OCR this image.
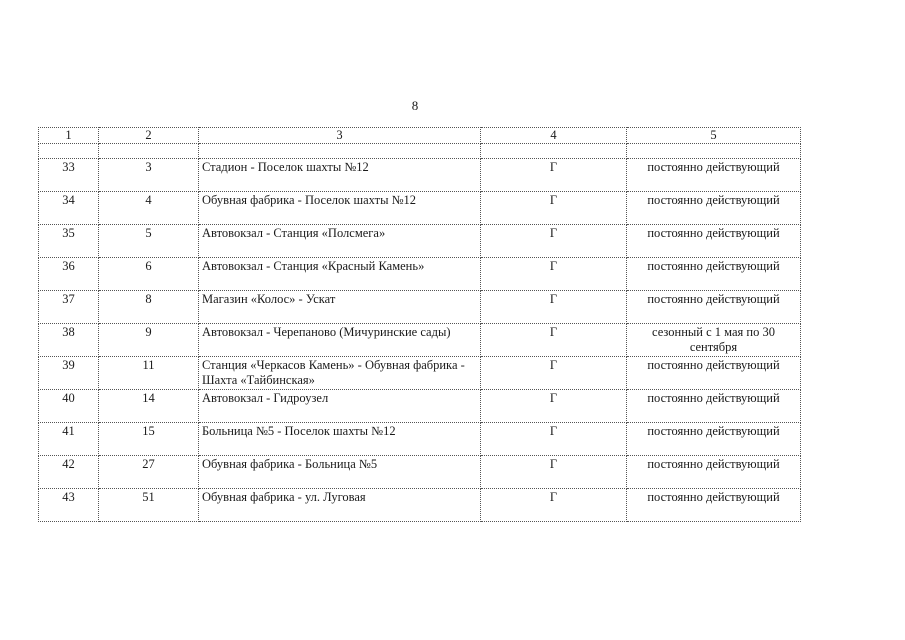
8
1	2	3	4	5

33	3	Стадион - Поселок шахты №12	Г	постоянно действующий
34	4	Обувная фабрика - Поселок шахты №12	Г	постоянно действующий
35	5	Автовокзал - Станция «Полсмега»	Г	постоянно действующий
36	6	Автовокзал - Станция «Красный Камень»	Г	постоянно действующий
37	8	Магазин «Колос» - Ускат	Г	постоянно действующий
38	9	Автовокзал - Черепаново (Мичуринские сады)	Г	сезонный с 1 мая по 30 сентября
39	11	Станция «Черкасов Камень» - Обувная фабрика - Шахта «Тайбинская»	Г	постоянно действующий
40	14	Автовокзал - Гидроузел	Г	постоянно действующий
41	15	Больница №5 - Поселок шахты №12	Г	постоянно действующий
42	27	Обувная фабрика - Больница №5	Г	постоянно действующий
43	51	Обувная фабрика - ул. Луговая	Г	постоянно действующий
